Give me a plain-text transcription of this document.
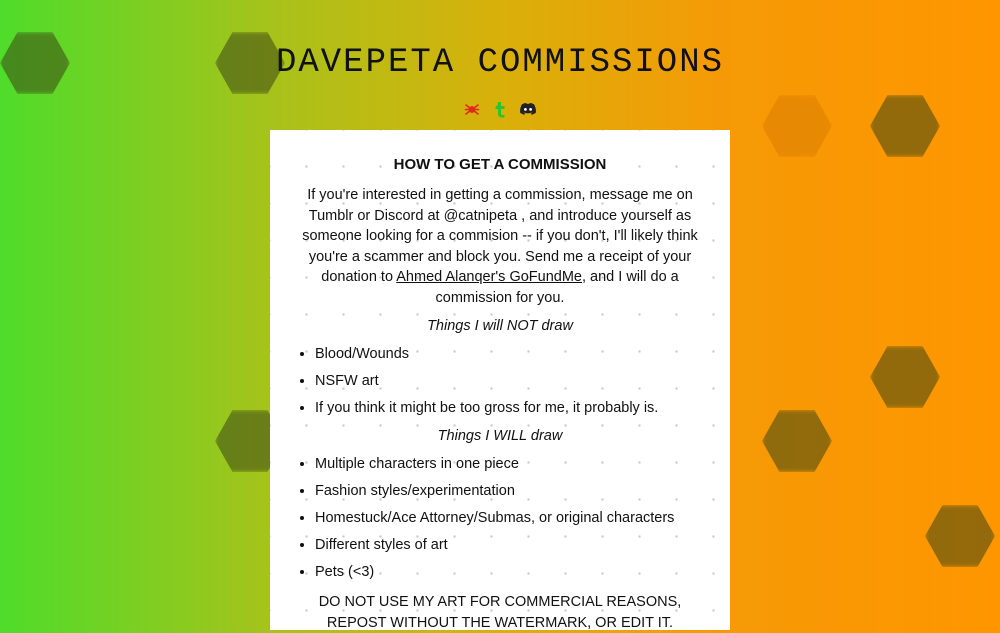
DAVEPETA COMMISSIONS
HOW TO GET A COMMISSION

If you're interested in getting a commission, message me on Tumblr or Discord at @catnipeta , and introduce yourself as someone looking for a commision -- if you don't, I'll likely think you're a scammer and block you. Send me a receipt of your donation to Ahmed Alanqer's GoFundMe, and I will do a commission for you.

Things I will NOT draw
• Blood/Wounds
• NSFW art
• If you think it might be too gross for me, it probably is.
Things I WILL draw
• Multiple characters in one piece
• Fashion styles/experimentation
• Homestuck/Ace Attorney/Submas, or original characters
• Different styles of art
• Pets (<3)
DO NOT USE MY ART FOR COMMERCIAL REASONS, REPOST WITHOUT THE WATERMARK, OR EDIT IT.
